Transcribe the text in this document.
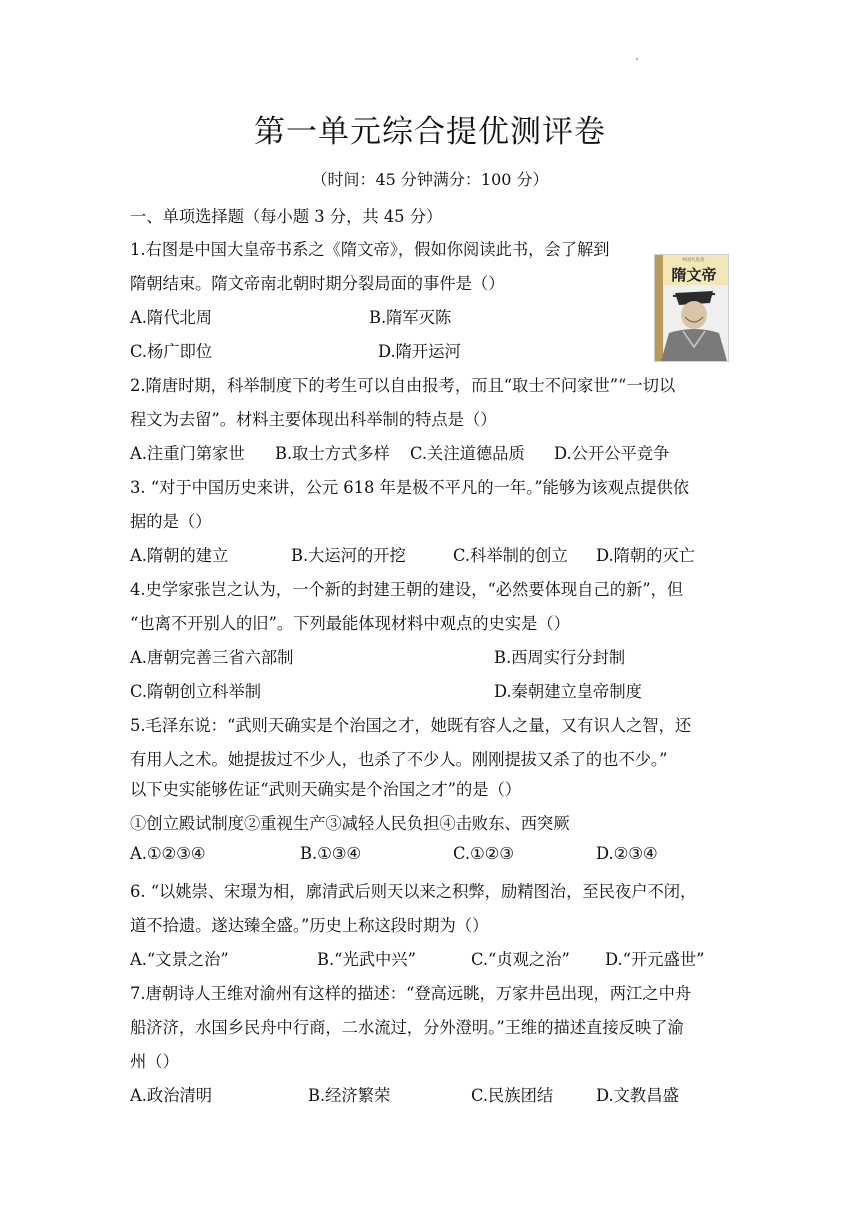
第一单元综合提优测评卷
（时间：45 分钟满分：100 分）
一、单项选择题（每小题 3 分，共 45 分）
1.右图是中国大皇帝书系之《隋文帝》，假如你阅读此书，会了解到
隋朝结束。隋文帝南北朝时期分裂局面的事件是（）
A.隋代北周	B.隋军灭陈
C.杨广即位	D.隋开运河
中国大皇帝
隋文帝
2.隋唐时期，科举制度下的考生可以自由报考，而且“取士不问家世”“一切以
程文为去留”。材料主要体现出科举制的特点是（）
A.注重门第家世 B.取士方式多样 C.关注道德品质 D.公开公平竞争
3. “对于中国历史来讲，公元 618 年是极不平凡的一年。”能够为该观点提供依
据的是（）
A.隋朝的建立	B.大运河的开挖	C.科举制的创立 D.隋朝的灭亡
4.史学家张岂之认为，一个新的封建王朝的建设，“必然要体现自己的新”，但
“也离不开别人的旧”。下列最能体现材料中观点的史实是（）
A.唐朝完善三省六部制	B.西周实行分封制
C.隋朝创立科举制	D.秦朝建立皇帝制度
5.毛泽东说：“武则天确实是个治国之才，她既有容人之量，又有识人之智，还
有用人之术。她提拔过不少人，也杀了不少人。刚刚提拔又杀了的也不少。”
以下史实能够佐证“武则天确实是个治国之才”的是（）
①创立殿试制度②重视生产③减轻人民负担④击败东、西突厥
A.①②③④	B.①③④	C.①②③	D.②③④
6. “以姚崇、宋璟为相，廓清武后则天以来之积弊，励精图治，至民夜户不闭，
道不拾遗。遂达臻全盛。”历史上称这段时期为（）
A.“文景之治”	B.“光武中兴”	C.“贞观之治” D.“开元盛世”
7.唐朝诗人王维对渝州有这样的描述：“登高远眺，万家井邑出现，两江之中舟
船济济，水国乡民舟中行商，二水流过，分外澄明。”王维的描述直接反映了渝
州（）
A.政治清明	B.经济繁荣	C.民族团结	D.文教昌盛
